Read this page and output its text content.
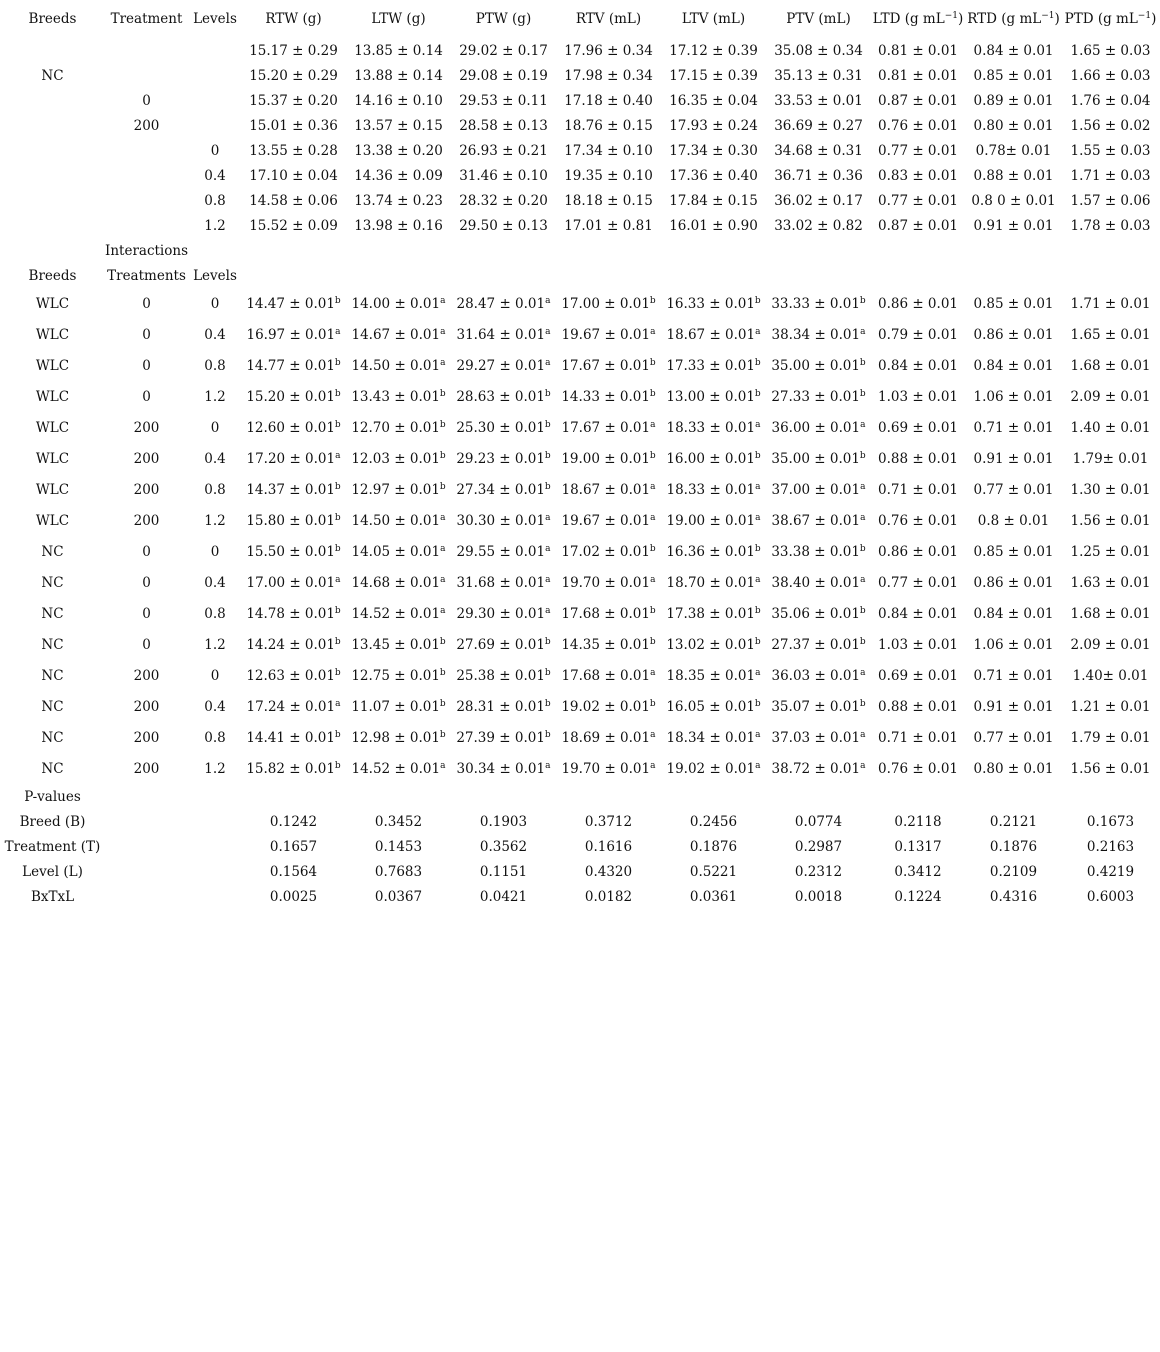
Breeds	Treatment	Levels	RTW (g)	LTW (g)	PTW (g)	RTV (mL)	LTV (mL)	PTV (mL)	LTD (g $mL^{-1}$)	RTD (g $mL^{-1}$)	PTD (g $mL^{-1}$)
			15.17 ± 0.29	13.85 ± 0.14	29.02 ± 0.17	17.96 ± 0.34	17.12 ± 0.39	35.08 ± 0.34	0.81 ± 0.01	0.84 ± 0.01	1.65 ± 0.03
NC			15.20 ± 0.29	13.88 ± 0.14	29.08 ± 0.19	17.98 ± 0.34	17.15 ± 0.39	35.13 ± 0.31	0.81 ± 0.01	0.85 ± 0.01	1.66 ± 0.03
	0		15.37 ± 0.20	14.16 ± 0.10	29.53 ± 0.11	17.18 ± 0.40	16.35 ± 0.04	33.53 ± 0.01	0.87 ± 0.01	0.89 ± 0.01	1.76 ± 0.04
	200		15.01 ± 0.36	13.57 ± 0.15	28.58 ± 0.13	18.76 ± 0.15	17.93 ± 0.24	36.69 ± 0.27	0.76 ± 0.01	0.80 ± 0.01	1.56 ± 0.02
		0	13.55 ± 0.28	13.38 ± 0.20	26.93 ± 0.21	17.34 ± 0.10	17.34 ± 0.30	34.68 ± 0.31	0.77 ± 0.01	0.78± 0.01	1.55 ± 0.03
		0.4	17.10 ± 0.04	14.36 ± 0.09	31.46 ± 0.10	19.35 ± 0.10	17.36 ± 0.40	36.71 ± 0.36	0.83 ± 0.01	0.88 ± 0.01	1.71 ± 0.03
		0.8	14.58 ± 0.06	13.74 ± 0.23	28.32 ± 0.20	18.18 ± 0.15	17.84 ± 0.15	36.02 ± 0.17	0.77 ± 0.01	0.8 0 ± 0.01	1.57 ± 0.06
		1.2	15.52 ± 0.09	13.98 ± 0.16	29.50 ± 0.13	17.01 ± 0.81	16.01 ± 0.90	33.02 ± 0.82	0.87 ± 0.01	0.91 ± 0.01	1.78 ± 0.03
	Interactions										
Breeds	Treatments	Levels									
WLC	0	0	14.47 ± 0.01$^b$	14.00 ± 0.01$^a$	28.47 ± 0.01$^a$	17.00 ± 0.01$^b$	16.33 ± 0.01$^b$	33.33 ± 0.01$^b$	0.86 ± 0.01	0.85 ± 0.01	1.71 ± 0.01
WLC	0	0.4	16.97 ± 0.01$^a$	14.67 ± 0.01$^a$	31.64 ± 0.01$^a$	19.67 ± 0.01$^a$	18.67 ± 0.01$^a$	38.34 ± 0.01$^a$	0.79 ± 0.01	0.86 ± 0.01	1.65 ± 0.01
WLC	0	0.8	14.77 ± 0.01$^b$	14.50 ± 0.01$^a$	29.27 ± 0.01$^a$	17.67 ± 0.01$^b$	17.33 ± 0.01$^b$	35.00 ± 0.01$^b$	0.84 ± 0.01	0.84 ± 0.01	1.68 ± 0.01
WLC	0	1.2	15.20 ± 0.01$^b$	13.43 ± 0.01$^b$	28.63 ± 0.01$^b$	14.33 ± 0.01$^b$	13.00 ± 0.01$^b$	27.33 ± 0.01$^b$	1.03 ± 0.01	1.06 ± 0.01	2.09 ± 0.01
WLC	200	0	12.60 ± 0.01$^b$	12.70 ± 0.01$^b$	25.30 ± 0.01$^b$	17.67 ± 0.01$^a$	18.33 ± 0.01$^a$	36.00 ± 0.01$^a$	0.69 ± 0.01	0.71 ± 0.01	1.40 ± 0.01
WLC	200	0.4	17.20 ± 0.01$^a$	12.03 ± 0.01$^b$	29.23 ± 0.01$^b$	19.00 ± 0.01$^b$	16.00 ± 0.01$^b$	35.00 ± 0.01$^b$	0.88 ± 0.01	0.91 ± 0.01	1.79± 0.01
WLC	200	0.8	14.37 ± 0.01$^b$	12.97 ± 0.01$^b$	27.34 ± 0.01$^b$	18.67 ± 0.01$^a$	18.33 ± 0.01$^a$	37.00 ± 0.01$^a$	0.71 ± 0.01	0.77 ± 0.01	1.30 ± 0.01
WLC	200	1.2	15.80 ± 0.01$^b$	14.50 ± 0.01$^a$	30.30 ± 0.01$^a$	19.67 ± 0.01$^a$	19.00 ± 0.01$^a$	38.67 ± 0.01$^a$	0.76 ± 0.01	0.8 ± 0.01	1.56 ± 0.01
NC	0	0	15.50 ± 0.01$^b$	14.05 ± 0.01$^a$	29.55 ± 0.01$^a$	17.02 ± 0.01$^b$	16.36 ± 0.01$^b$	33.38 ± 0.01$^b$	0.86 ± 0.01	0.85 ± 0.01	1.25 ± 0.01
NC	0	0.4	17.00 ± 0.01$^a$	14.68 ± 0.01$^a$	31.68 ± 0.01$^a$	19.70 ± 0.01$^a$	18.70 ± 0.01$^a$	38.40 ± 0.01$^a$	0.77 ± 0.01	0.86 ± 0.01	1.63 ± 0.01
NC	0	0.8	14.78 ± 0.01$^b$	14.52 ± 0.01$^a$	29.30 ± 0.01$^a$	17.68 ± 0.01$^b$	17.38 ± 0.01$^b$	35.06 ± 0.01$^b$	0.84 ± 0.01	0.84 ± 0.01	1.68 ± 0.01
NC	0	1.2	14.24 ± 0.01$^b$	13.45 ± 0.01$^b$	27.69 ± 0.01$^b$	14.35 ± 0.01$^b$	13.02 ± 0.01$^b$	27.37 ± 0.01$^b$	1.03 ± 0.01	1.06 ± 0.01	2.09 ± 0.01
NC	200	0	12.63 ± 0.01$^b$	12.75 ± 0.01$^b$	25.38 ± 0.01$^b$	17.68 ± 0.01$^a$	18.35 ± 0.01$^a$	36.03 ± 0.01$^a$	0.69 ± 0.01	0.71 ± 0.01	1.40± 0.01
NC	200	0.4	17.24 ± 0.01$^a$	11.07 ± 0.01$^b$	28.31 ± 0.01$^b$	19.02 ± 0.01$^b$	16.05 ± 0.01$^b$	35.07 ± 0.01$^b$	0.88 ± 0.01	0.91 ± 0.01	1.21 ± 0.01
NC	200	0.8	14.41 ± 0.01$^b$	12.98 ± 0.01$^b$	27.39 ± 0.01$^b$	18.69 ± 0.01$^a$	18.34 ± 0.01$^a$	37.03 ± 0.01$^a$	0.71 ± 0.01	0.77 ± 0.01	1.79 ± 0.01
NC	200	1.2	15.82 ± 0.01$^b$	14.52 ± 0.01$^a$	30.34 ± 0.01$^a$	19.70 ± 0.01$^a$	19.02 ± 0.01$^a$	38.72 ± 0.01$^a$	0.76 ± 0.01	0.80 ± 0.01	1.56 ± 0.01
P-values											
Breed (B)			0.1242	0.3452	0.1903	0.3712	0.2456	0.0774	0.2118	0.2121	0.1673
Treatment (T)			0.1657	0.1453	0.3562	0.1616	0.1876	0.2987	0.1317	0.1876	0.2163
Level (L)			0.1564	0.7683	0.1151	0.4320	0.5221	0.2312	0.3412	0.2109	0.4219
BxTxL			0.0025	0.0367	0.0421	0.0182	0.0361	0.0018	0.1224	0.4316	0.6003
